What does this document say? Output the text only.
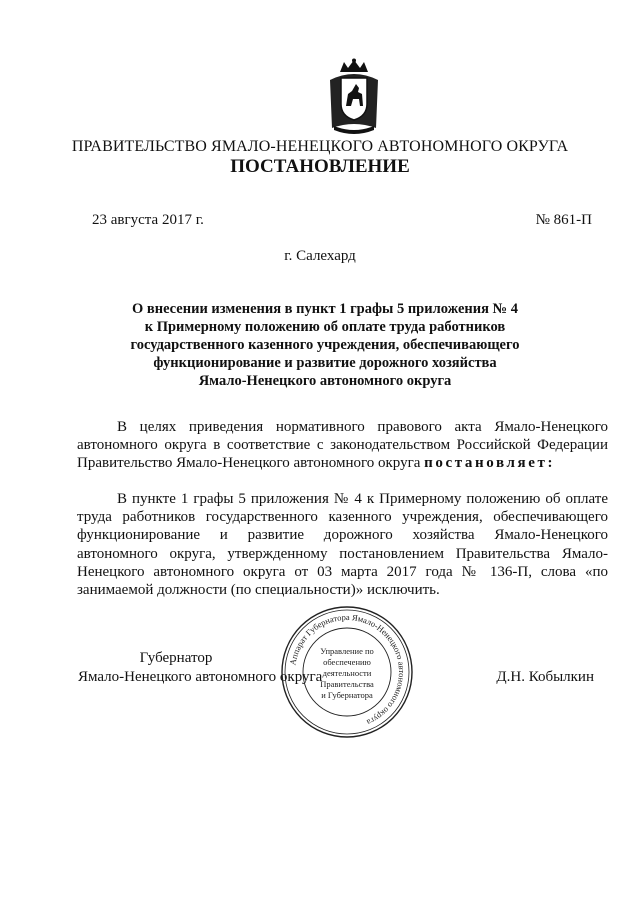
ПРАВИТЕЛЬСТВО ЯМАЛО-НЕНЕЦКОГО АВТОНОМНОГО ОКРУГА
ПОСТАНОВЛЕНИЕ
23 августа 2017 г.	№ 861-П
г. Салехард
О внесении изменения в пункт 1 графы 5 приложения № 4
к Примерному положению об оплате труда работников
государственного казенного учреждения, обеспечивающего
функционирование и развитие дорожного хозяйства
Ямало-Ненецкого автономного округа
В целях приведения нормативного правового акта Ямало-Ненецкого автономного округа в соответствие с законодательством Российской Федерации Правительство Ямало-Ненецкого автономного округа постановляет:
В пункте 1 графы 5 приложения № 4 к Примерному положению об оплате труда работников государственного казенного учреждения, обеспечивающего функционирование и развитие дорожного хозяйства Ямало-Ненецкого автономного округа, утвержденному постановлением Правительства Ямало-Ненецкого автономного округа от 03 марта 2017 года № 136-П, слова «по занимаемой должности (по специальности)» исключить.
Губернатор
Ямало-Ненецкого автономного округа	Д.Н. Кобылкин
Аппарат Губернатора Ямало-Ненецкого автономного округа
Управление по
обеспечению
деятельности
Правительства
и Губернатора
